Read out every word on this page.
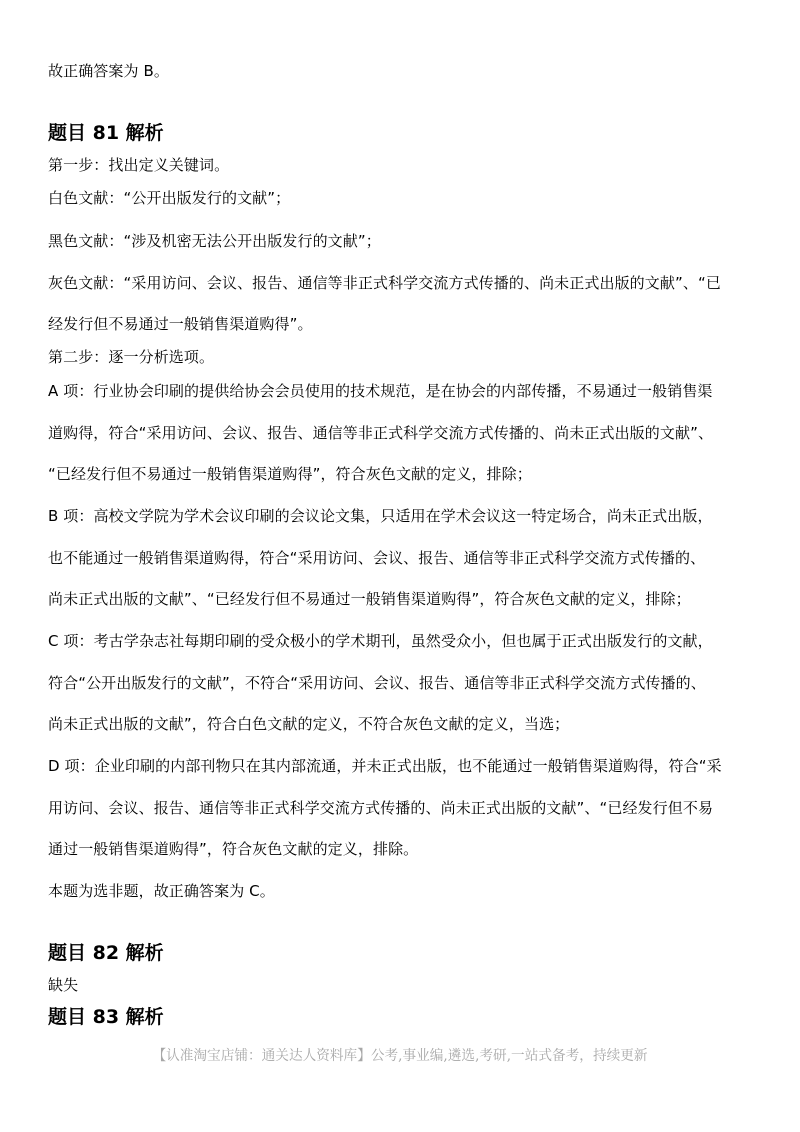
故正确答案为 B。
题目 81 解析
第一步：找出定义关键词。
白色文献：“公开出版发行的文献”；
黑色文献：“涉及机密无法公开出版发行的文献”；
灰色文献：“采用访问、会议、报告、通信等非正式科学交流方式传播的、尚未正式出版的文献”、“已
经发行但不易通过一般销售渠道购得”。
第二步：逐一分析选项。
A 项：行业协会印刷的提供给协会会员使用的技术规范，是在协会的内部传播，不易通过一般销售渠
道购得，符合“采用访问、会议、报告、通信等非正式科学交流方式传播的、尚未正式出版的文献”、
“已经发行但不易通过一般销售渠道购得”，符合灰色文献的定义，排除；
B 项：高校文学院为学术会议印刷的会议论文集，只适用在学术会议这一特定场合，尚未正式出版，
也不能通过一般销售渠道购得，符合“采用访问、会议、报告、通信等非正式科学交流方式传播的、
尚未正式出版的文献”、“已经发行但不易通过一般销售渠道购得”，符合灰色文献的定义，排除；
C 项：考古学杂志社每期印刷的受众极小的学术期刊，虽然受众小，但也属于正式出版发行的文献，
符合“公开出版发行的文献”，不符合“采用访问、会议、报告、通信等非正式科学交流方式传播的、
尚未正式出版的文献”，符合白色文献的定义，不符合灰色文献的定义，当选；
D 项：企业印刷的内部刊物只在其内部流通，并未正式出版，也不能通过一般销售渠道购得，符合“采
用访问、会议、报告、通信等非正式科学交流方式传播的、尚未正式出版的文献”、“已经发行但不易
通过一般销售渠道购得”，符合灰色文献的定义，排除。
本题为选非题，故正确答案为 C。
题目 82 解析
缺失
题目 83 解析
【认准淘宝店铺：通关达人资料库】公考,事业编,遴选,考研,一站式备考，持续更新
